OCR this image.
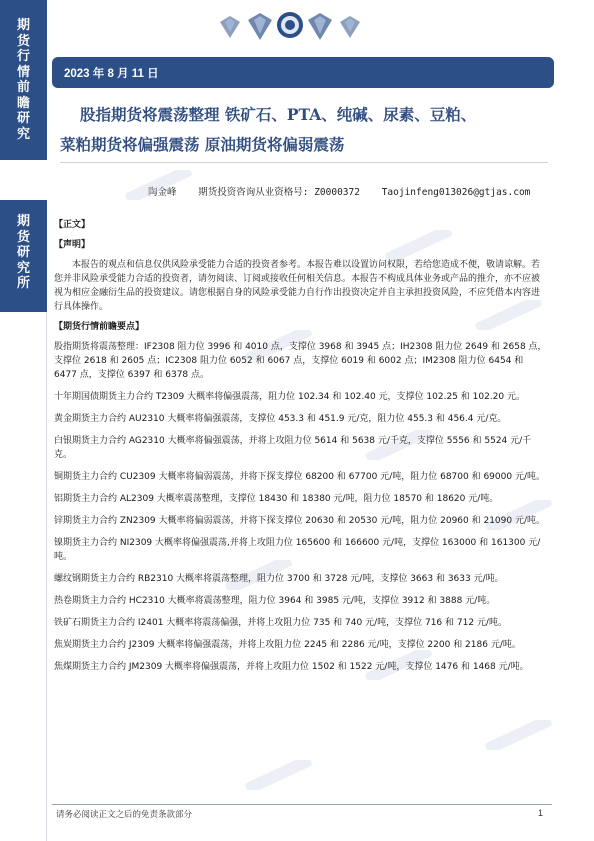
期
货
行
情
前
瞻
研
究
期
货
研
究
所
2023 年 8 月 11 日
股指期货将震荡整理 铁矿石、PTA、纯碱、尿素、豆粕、
菜粕期货将偏强震荡 原油期货将偏弱震荡
陶金峰 期货投资咨询从业资格号: Z0000372 Taojinfeng013026@gtjas.com
【正文】
【声明】
本报告的观点和信息仅供风险承受能力合适的投资者参考。本报告难以设置访问权限，若给您造成不便，敬请谅解。若您并非风险承受能力合适的投资者，请勿阅读、订阅或接收任何相关信息。本报告不构成具体业务或产品的推介，亦不应被视为相应金融衍生品的投资建议。请您根据自身的风险承受能力自行作出投资决定并自主承担投资风险，不应凭借本内容进行具体操作。
【期货行情前瞻要点】
股指期货将震荡整理：IF2308 阻力位 3996 和 4010 点，支撑位 3968 和 3945 点；IH2308 阻力位 2649 和 2658 点，支撑位 2618 和 2605 点；IC2308 阻力位 6052 和 6067 点，支撑位 6019 和 6002 点；IM2308 阻力位 6454 和 6477 点，支撑位 6397 和 6378 点。
十年期国债期货主力合约 T2309 大概率将偏强震荡，阻力位 102.34 和 102.40 元，支撑位 102.25 和 102.20 元。
黄金期货主力合约 AU2310 大概率将偏强震荡，支撑位 453.3 和 451.9 元/克，阻力位 455.3 和 456.4 元/克。
白银期货主力合约 AG2310 大概率将偏强震荡，并将上攻阻力位 5614 和 5638 元/千克，支撑位 5556 和 5524 元/千克。
铜期货主力合约 CU2309 大概率将偏弱震荡，并将下探支撑位 68200 和 67700 元/吨，阻力位 68700 和 69000 元/吨。
铝期货主力合约 AL2309 大概率震荡整理，支撑位 18430 和 18380 元/吨，阻力位 18570 和 18620 元/吨。
锌期货主力合约 ZN2309 大概率将偏弱震荡，并将下探支撑位 20630 和 20530 元/吨，阻力位 20960 和 21090 元/吨。
镍期货主力合约 NI2309 大概率将偏强震荡,并将上攻阻力位 165600 和 166600 元/吨，支撑位 163000 和 161300 元/吨。
螺纹钢期货主力合约 RB2310 大概率将震荡整理，阻力位 3700 和 3728 元/吨，支撑位 3663 和 3633 元/吨。
热卷期货主力合约 HC2310 大概率将震荡整理，阻力位 3964 和 3985 元/吨，支撑位 3912 和 3888 元/吨。
铁矿石期货主力合约 I2401 大概率将震荡偏强，并将上攻阻力位 735 和 740 元/吨，支撑位 716 和 712 元/吨。
焦炭期货主力合约 J2309 大概率将偏强震荡，并将上攻阻力位 2245 和 2286 元/吨，支撑位 2200 和 2186 元/吨。
焦煤期货主力合约 JM2309 大概率将偏强震荡，并将上攻阻力位 1502 和 1522 元/吨，支撑位 1476 和 1468 元/吨。
请务必阅读正文之后的免责条款部分	1
